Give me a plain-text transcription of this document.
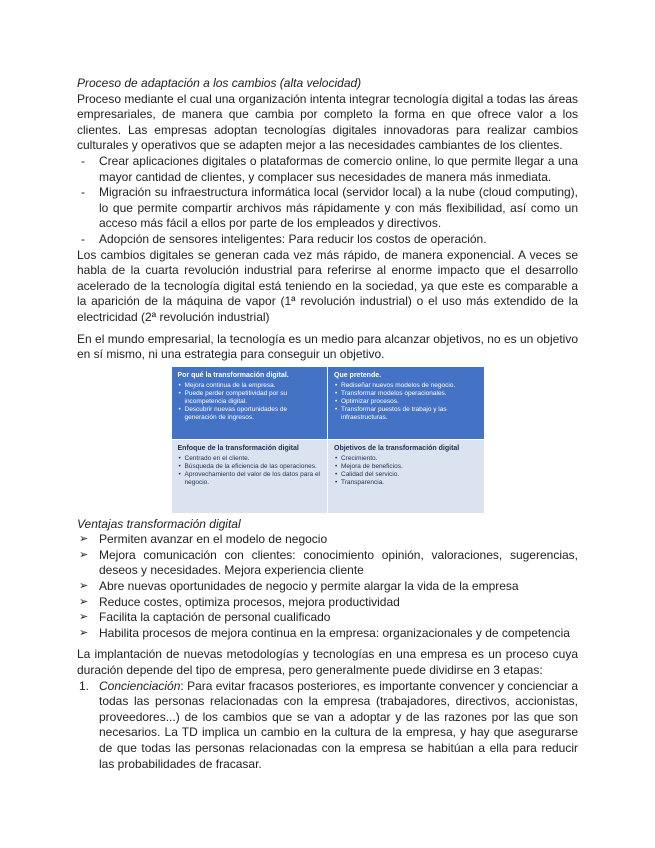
Proceso de adaptación a los cambios (alta velocidad)

Proceso mediante el cual una organización intenta integrar tecnología digital a todas las áreas empresariales, de manera que cambia por completo la forma en que ofrece valor a los clientes. Las empresas adoptan tecnologías digitales innovadoras para realizar cambios culturales y operativos que se adapten mejor a las necesidades cambiantes de los clientes.

- Crear aplicaciones digitales o plataformas de comercio online, lo que permite llegar a una mayor cantidad de clientes, y complacer sus necesidades de manera más inmediata.
- Migración su infraestructura informática local (servidor local) a la nube (cloud computing), lo que permite compartir archivos más rápidamente y con más flexibilidad, así como un acceso más fácil a ellos por parte de los empleados y directivos.
- Adopción de sensores inteligentes: Para reducir los costos de operación.

Los cambios digitales se generan cada vez más rápido, de manera exponencial. A veces se habla de la cuarta revolución industrial para referirse al enorme impacto que el desarrollo acelerado de la tecnología digital está teniendo en la sociedad, ya que este es comparable a la aparición de la máquina de vapor (1ª revolución industrial) o el uso más extendido de la electricidad (2ª revolución industrial)

En el mundo empresarial, la tecnología es un medio para alcanzar objetivos, no es un objetivo en sí mismo, ni una estrategia para conseguir un objetivo.

Por qué la transformación digital.
• Mejora continua de la empresa.
• Puede perder competitividad por su incompetencia digital.
• Descubrir nuevas oportunidades de generación de ingresos.
Que pretende.
• Rediseñar nuevos modelos de negocio.
• Transformar modelos operacionales.
• Optimizar procesos.
• Transformar puestos de trabajo y las infraestructuras.
Enfoque de la transformación digital
• Centrado en el cliente.
• Búsqueda de la eficiencia de las operaciones.
• Aprovechamiento del valor de los datos para el negocio.
Objetivos de la transformación digital
• Crecimiento.
• Mejora de beneficios.
• Calidad del servicio.
• Transparencia.

Ventajas transformación digital

➢ Permiten avanzar en el modelo de negocio
➢ Mejora comunicación con clientes: conocimiento opinión, valoraciones, sugerencias, deseos y necesidades. Mejora experiencia cliente
➢ Abre nuevas oportunidades de negocio y permite alargar la vida de la empresa
➢ Reduce costes, optimiza procesos, mejora productividad
➢ Facilita la captación de personal cualificado
➢ Habilita procesos de mejora continua en la empresa: organizacionales y de competencia

La implantación de nuevas metodologías y tecnologías en una empresa es un proceso cuya duración depende del tipo de empresa, pero generalmente puede dividirse en 3 etapas:

1. Concienciación: Para evitar fracasos posteriores, es importante convencer y concienciar a todas las personas relacionadas con la empresa (trabajadores, directivos, accionistas, proveedores...) de los cambios que se van a adoptar y de las razones por las que son necesarios. La TD implica un cambio en la cultura de la empresa, y hay que asegurarse de que todas las personas relacionadas con la empresa se habitúan a ella para reducir las probabilidades de fracasar.
